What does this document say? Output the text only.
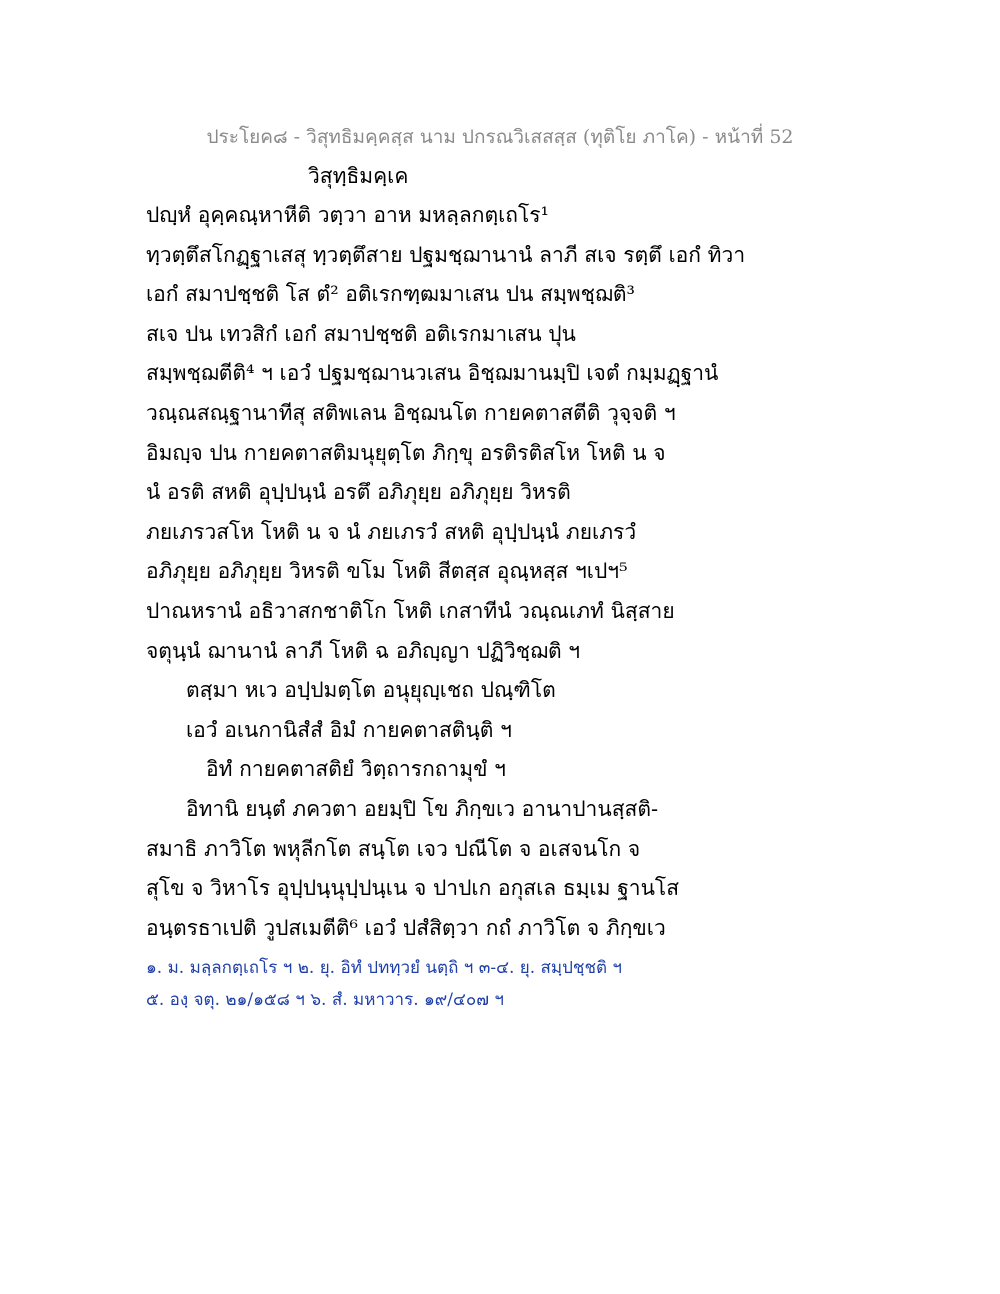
ประโยค๘ - วิสุทธิมคฺคสฺส นาม ปกรณวิเสสสฺส (ทุติโย ภาโค) - หน้าที่ 52
วิสุทฺธิมคฺเค
ปญฺหํ อุคฺคณฺหาหีติ วตฺวา อาห มหลฺลกตฺเถโร¹
ทฺวตฺตึสโกฏฺฐาเสสุ ทฺวตฺตึสาย ปฐมชฺฌานานํ ลาภี สเจ รตฺตึ เอกํ ทิวา
เอกํ สมาปชฺชติ โส ตํ² อติเรกฑฺฒมาเสน ปน สมฺพชฺฌติ³
สเจ ปน เทวสิกํ เอกํ สมาปชฺชติ อติเรกมาเสน ปุน
สมฺพชฺฌตีติ⁴ ฯ เอวํ ปฐมชฺฌานวเสน อิชฺฌมานมฺปิ เจตํ กมฺมฏฺฐานํ
วณฺณสณฺฐานาทีสุ สติพเลน อิชฺฌนโต กายคตาสตีติ วุจฺจติ ฯ
อิมญฺจ ปน กายคตาสติมนุยุตฺโต ภิกฺขุ อรติรติสโห โหติ น จ
นํ อรติ สหติ อุปฺปนฺนํ อรตึ อภิภุยฺย อภิภุยฺย วิหรติ
ภยเภรวสโห โหติ น จ นํ ภยเภรวํ สหติ อุปฺปนฺนํ ภยเภรวํ
อภิภุยฺย อภิภุยฺย วิหรติ ขโม โหติ สีตสฺส อุณฺหสฺส ฯเปฯ⁵
ปาณหรานํ อธิวาสกชาติโก โหติ เกสาทีนํ วณฺณเภทํ นิสฺสาย
จตุนฺนํ ฌานานํ ลาภี โหติ ฉ อภิญฺญา ปฏิวิชฺฌติ ฯ
ตสฺมา หเว อปฺปมตฺโต อนุยุญฺเชถ ปณฺฑิโต
เอวํ อเนกานิสํสํ อิมํ กายคตาสตินฺติ ฯ
อิทํ กายคตาสติยํ วิตฺถารกถามุขํ ฯ
อิทานิ ยนฺตํ ภควตา อยมฺปิ โข ภิกฺขเว อานาปานสฺสติ-
สมาธิ ภาวิโต พหุลีกโต สนฺโต เจว ปณีโต จ อเสจนโก จ
สุโข จ วิหาโร อุปฺปนฺนุปฺปนฺเน จ ปาปเก อกุสเล ธมฺเม ฐานโส
อนฺตรธาเปติ วูปสเมตีติ⁶ เอวํ ปสํสิตฺวา กถํ ภาวิโต จ ภิกฺขเว
๑. ม. มลฺลกตฺเถโร ฯ ๒. ยุ. อิทํ ปททฺวยํ นตฺถิ ฯ ๓-๔. ยุ. สมฺปชฺชติ ฯ
๕. องฺ จตุ. ๒๑/๑๕๘ ฯ ๖. สํ. มหาวาร. ๑๙/๔๐๗ ฯ
